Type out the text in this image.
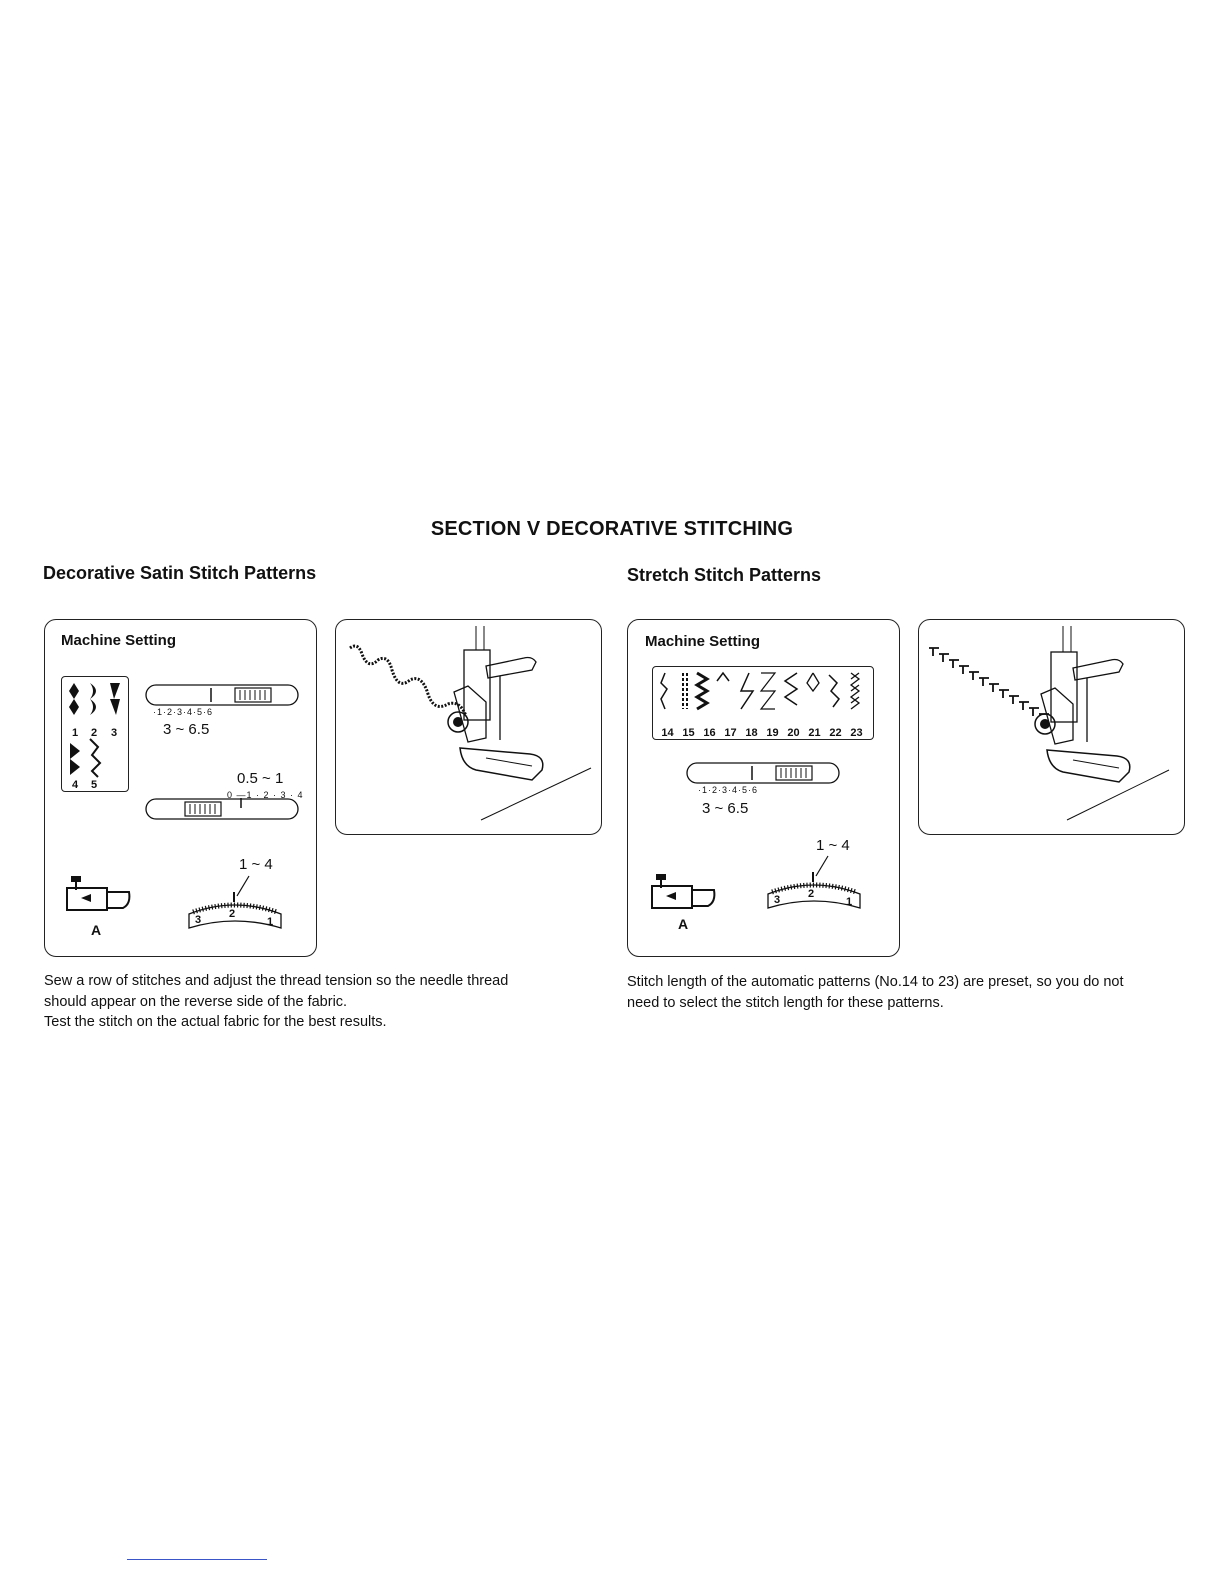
SECTION V DECORATIVE STITCHING
Decorative Satin Stitch Patterns
Machine Setting
1 2 3
4 5
·1·2·3·4·5·6
3 ~ 6.5
0.5 ~ 1
0 —1 · 2 · 3 · 4
1 ~ 4
3	2
1
A

Sew a row of stitches and adjust the thread tension so the needle thread

should appear on the reverse side of the fabric.

Test the stitch on the actual fabric for the best results.

Stretch Stitch Patterns
Machine Setting
14 15 16 17 18 19 20 21 22 23
·1·2·3·4·5·6
3 ~ 6.5
1 ~ 4
3	2
1
A

Stitch length of the automatic patterns (No.14 to 23) are preset, so you do not

need to select the stitch length for these patterns.
